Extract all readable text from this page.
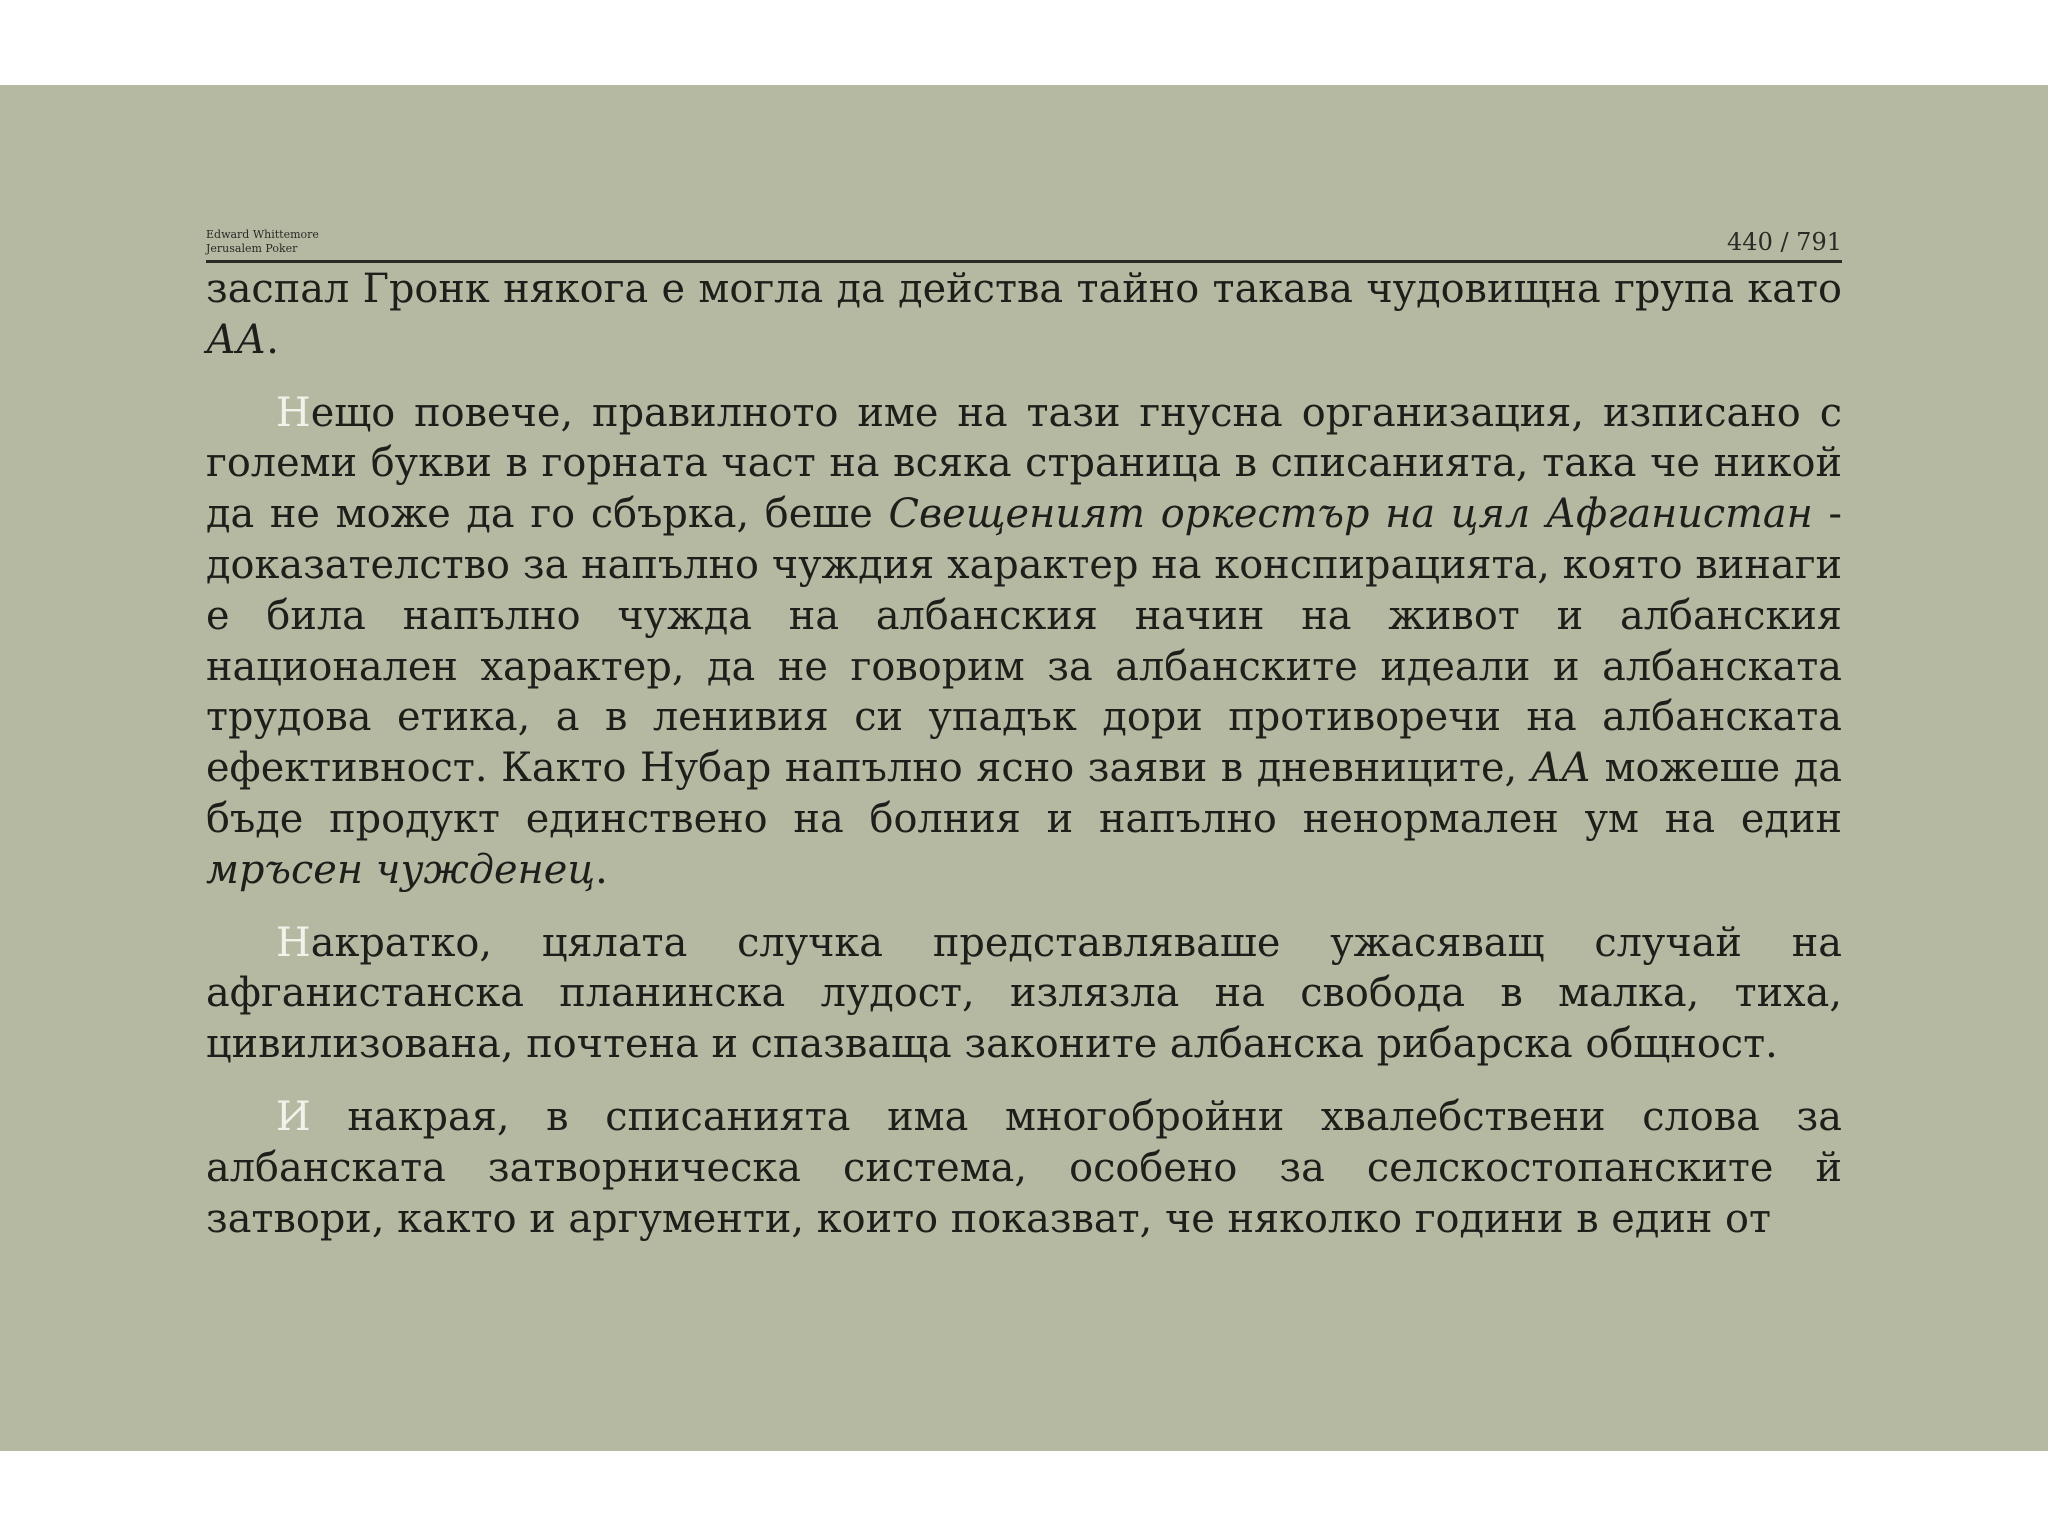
Edward Whittemore
Jerusalem Poker	440 / 791

заспал Гронк някога е могла да действа тайно такава чудовищна група като АА.

Нещо повече, правилното име на тази гнусна организация, изписано с големи букви в горната част на всяка страница в списанията, така че никой да не може да го сбърка, беше Свещеният оркестър на цял Афганистан - доказателство за напълно чуждия характер на конспирацията, която винаги е била напълно чужда на албанския начин на живот и албанския национален характер, да не говорим за албанските идеали и албанската трудова етика, а в ленивия си упадък дори противоречи на албанската ефективност. Както Нубар напълно ясно заяви в дневниците, АА можеше да бъде продукт единствено на болния и напълно ненормален ум на един мръсен чужденец.

Накратко, цялата случка представляваше ужасяващ случай на афганистанска планинска лудост, излязла на свобода в малка, тиха, цивилизована, почтена и спазваща законите албанска рибарска общност.

И накрая, в списанията има многобройни хвалебствени слова за албанската затворническа система, особено за селскостопанските й затвори, както и аргументи, които показват, че няколко години в един от
